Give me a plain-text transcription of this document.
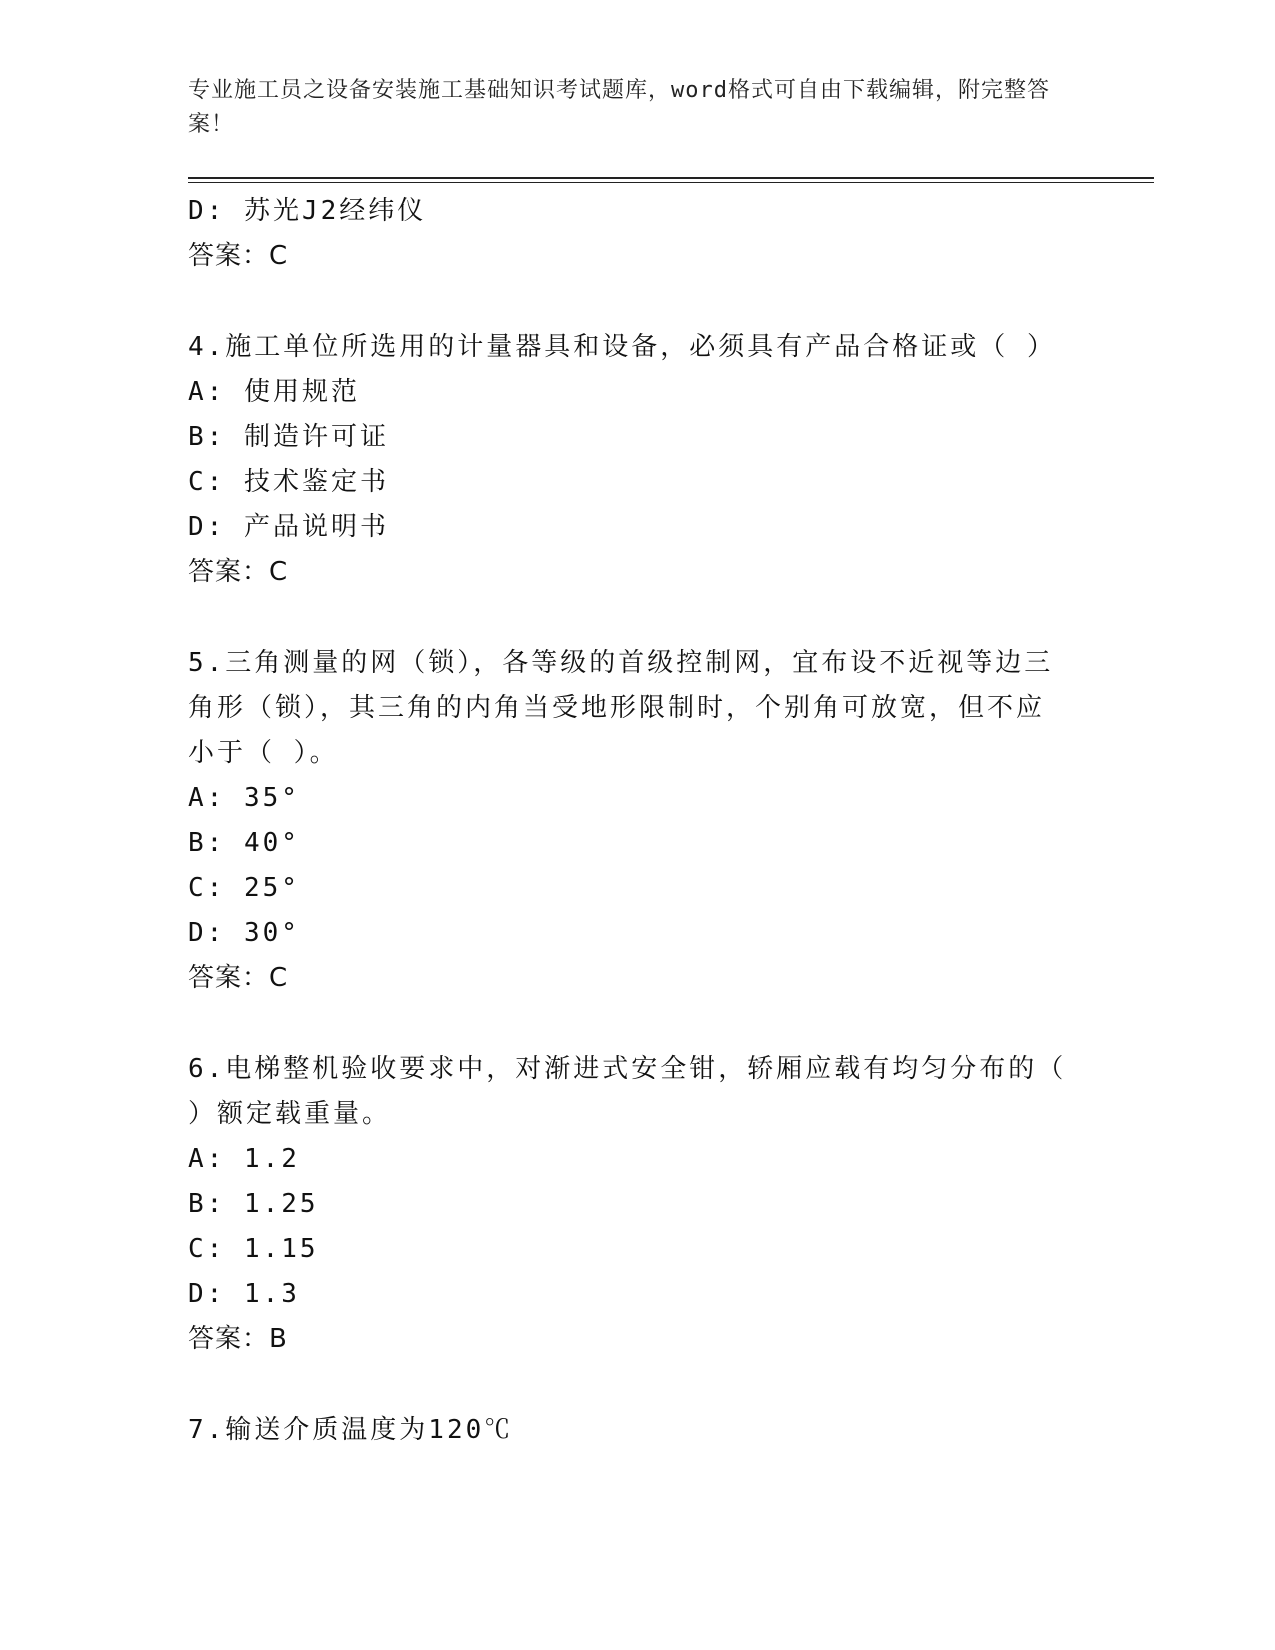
专业施工员之设备安装施工基础知识考试题库，word格式可自由下载编辑，附完整答案！
D: 苏光J2经纬仪
答案：C
4.施工单位所选用的计量器具和设备，必须具有产品合格证或（ ）
A: 使用规范
B: 制造许可证
C: 技术鉴定书
D: 产品说明书
答案：C
5.三角测量的网（锁），各等级的首级控制网，宜布设不近视等边三角形（锁），其三角的内角当受地形限制时，个别角可放宽，但不应小于（ ）。
A: 35°
B: 40°
C: 25°
D: 30°
答案：C
6.电梯整机验收要求中，对渐进式安全钳，轿厢应载有均匀分布的（ ）额定载重量。
A: 1.2
B: 1.25
C: 1.15
D: 1.3
答案：B
7.输送介质温度为120℃
